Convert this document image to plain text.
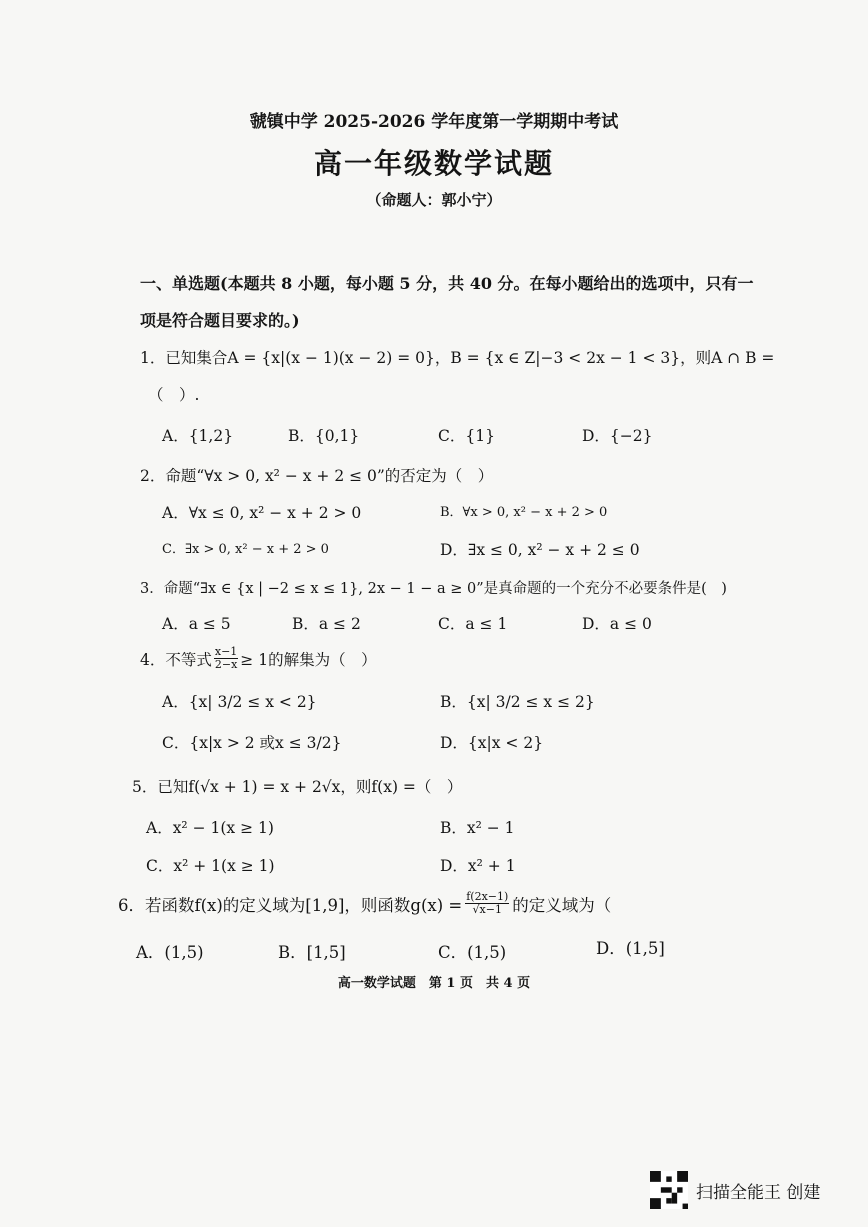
虢镇中学 2025-2026 学年度第一学期期中考试
高一年级数学试题
（命题人：郭小宁）
一、单选题(本题共 8 小题，每小题 5 分，共 40 分。在每小题给出的选项中，只有一
项是符合题目要求的。)
1．已知集合A = {x|(x − 1)(x − 2) = 0}，B = {x ∈ Z|−3 < 2x − 1 < 3}，则A ∩ B =
（　）.
A．{1,2}	B．{0,1}	C．{1}	D．{−2}
2．命题“∀x > 0, x² − x + 2 ≤ 0”的否定为（　）
A．∀x ≤ 0, x² − x + 2 > 0	B．∀x > 0, x² − x + 2 > 0
C．∃x > 0, x² − x + 2 > 0	D．∃x ≤ 0, x² − x + 2 ≤ 0
3．命题“∃x ∈ {x | −2 ≤ x ≤ 1}, 2x − 1 − a ≥ 0”是真命题的一个充分不必要条件是(　)
A．a ≤ 5	B．a ≤ 2	C．a ≤ 1	D．a ≤ 0
4．不等式 $\frac{x-1}{2-x} \ge 1$的解集为（　）
A．{x| 3/2 ≤ x < 2}	B．{x| 3/2 ≤ x ≤ 2}
C．{x|x > 2 或x ≤ 3/2}	D．{x|x < 2}
5．已知f(√x + 1) = x + 2√x，则f(x) =（　）
A．x² − 1(x ≥ 1)	B．x² − 1
C．x² + 1(x ≥ 1)	D．x² + 1
6．若函数f(x)的定义域为[1,9]，则函数$g(x) = \frac{f(2x-1)}{√x-1}$ 的定义域为（
A．(1,5)	B．[1,5]	C．(1,5)	D．(1,5]
高一数学试题　第 1 页　共 4 页
扫描全能王 创建
